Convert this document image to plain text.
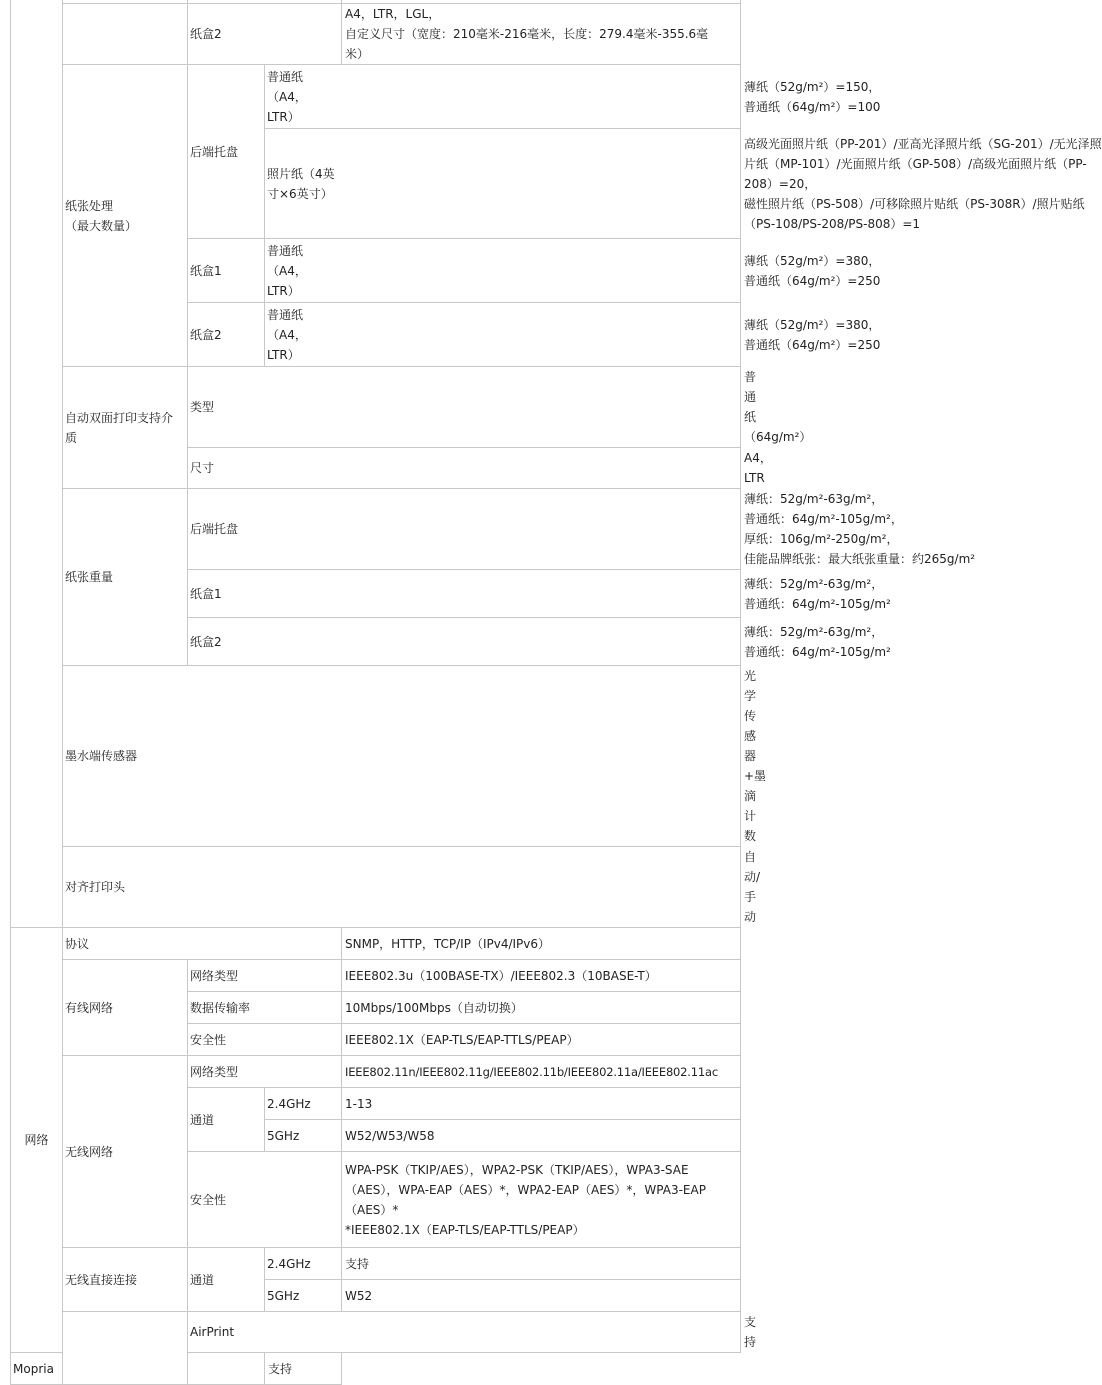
		纸盒2		A4，LTR，LGL，
自定义尺寸（宽度：210毫米-216毫米，长度：279.4毫米-355.6毫
米）	

	纸张处理
（最大数量）	后端托盘	普通纸
（A4，
LTR）		薄纸（52g/m²）=150，
普通纸（64g/m²）=100

			照片纸（4英
寸×6英寸）		高级光面照片纸（PP-201）/亚高光泽照片纸（SG-201）/无光泽照
片纸（MP-101）/光面照片纸（GP-508）/高级光面照片纸（PP-
208）=20，
磁性照片纸（PS-508）/可移除照片贴纸（PS-308R）/照片贴纸
（PS-108/PS-208/PS-808）=1

		纸盒1	普通纸
（A4，
LTR）		薄纸（52g/m²）=380，
普通纸（64g/m²）=250

		纸盒2	普通纸
（A4，
LTR）		薄纸（52g/m²）=380，
普通纸（64g/m²）=250

	自动双面打印支持介
质	类型			普通纸（64g/m²）
		尺寸			A4，LTR
	纸张重量	后端托盘			薄纸：52g/m²-63g/m²，
普通纸：64g/m²-105g/m²，
厚纸：106g/m²-250g/m²，
佳能品牌纸张：最大纸张重量：约265g/m²

		纸盒1			薄纸：52g/m²-63g/m²，
普通纸：64g/m²-105g/m²

		纸盒2			薄纸：52g/m²-63g/m²，
普通纸：64g/m²-105g/m²

	墨水端传感器				光学传感器+墨滴计数
	对齐打印头				自动/手动
网络	协议			SNMP，HTTP，TCP/IP（IPv4/IPv6）	
	有线网络	网络类型		IEEE802.3u（100BASE-TX）/IEEE802.3（10BASE-T）	
		数据传输率		10Mbps/100Mbps（自动切换）	
		安全性		IEEE802.1X（EAP-TLS/EAP-TTLS/PEAP）	
	无线网络	网络类型		IEEE802.11n/IEEE802.11g/IEEE802.11b/IEEE802.11a/IEEE802.11ac	

		通道	2.4GHz	1-13	
			5GHz	W52/W53/W58	
		安全性		WPA-PSK（TKIP/AES），WPA2-PSK（TKIP/AES），WPA3-SAE
（AES），WPA-EAP（AES）*，WPA2-EAP（AES）*，WPA3-EAP
（AES）*
*IEEE802.1X（EAP-TLS/EAP-TTLS/PEAP）	

	无线直接连接	通道	2.4GHz	支持	
			5GHz	W52	
		AirPrint			支持
Mopria			支持		
